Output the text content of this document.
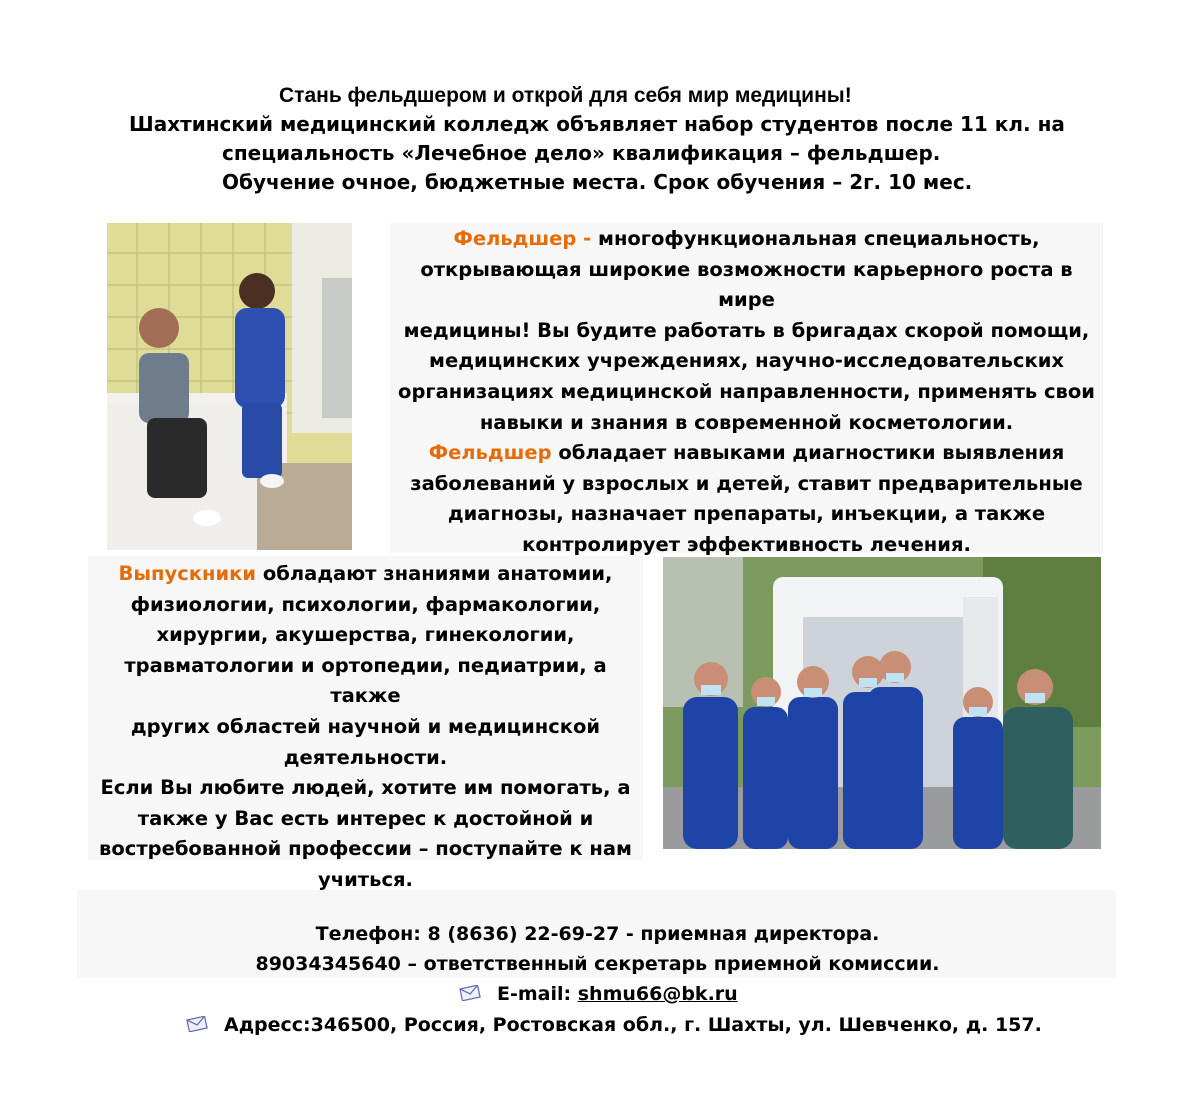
Стань фельдшером и открой для себя мир медицины!
Шахтинский медицинский колледж объявляет набор студентов после 11 кл. на
специальность «Лечебное дело» квалификация – фельдшер.
Обучение очное, бюджетные места. Срок обучения – 2г. 10 мес.
Фельдшер - многофункциональная специальность,
открывающая широкие возможности карьерного роста в мире
медицины! Вы будите работать в бригадах скорой помощи,
медицинских учреждениях, научно-исследовательских
организациях медицинской направленности, применять свои
навыки и знания в современной косметологии.
Фельдшер обладает навыками диагностики выявления
заболеваний у взрослых и детей, ставит предварительные
диагнозы, назначает препараты, инъекции, а также
контролирует эффективность лечения.
Выпускники обладают знаниями анатомии,
физиологии, психологии, фармакологии,
хирургии, акушерства, гинекологии,
травматологии и ортопедии, педиатрии, а также
других областей научной и медицинской
деятельности.
Если Вы любите людей, хотите им помогать, а
также у Вас есть интерес к достойной и
востребованной профессии – поступайте к нам
учиться.
Телефон: 8 (8636) 22-69-27 - приемная директора.
89034345640 – ответственный секретарь приемной комиссии.
E-mail: shmu66@bk.ru
Адресс:346500, Россия, Ростовская обл., г. Шахты, ул. Шевченко, д. 157.
